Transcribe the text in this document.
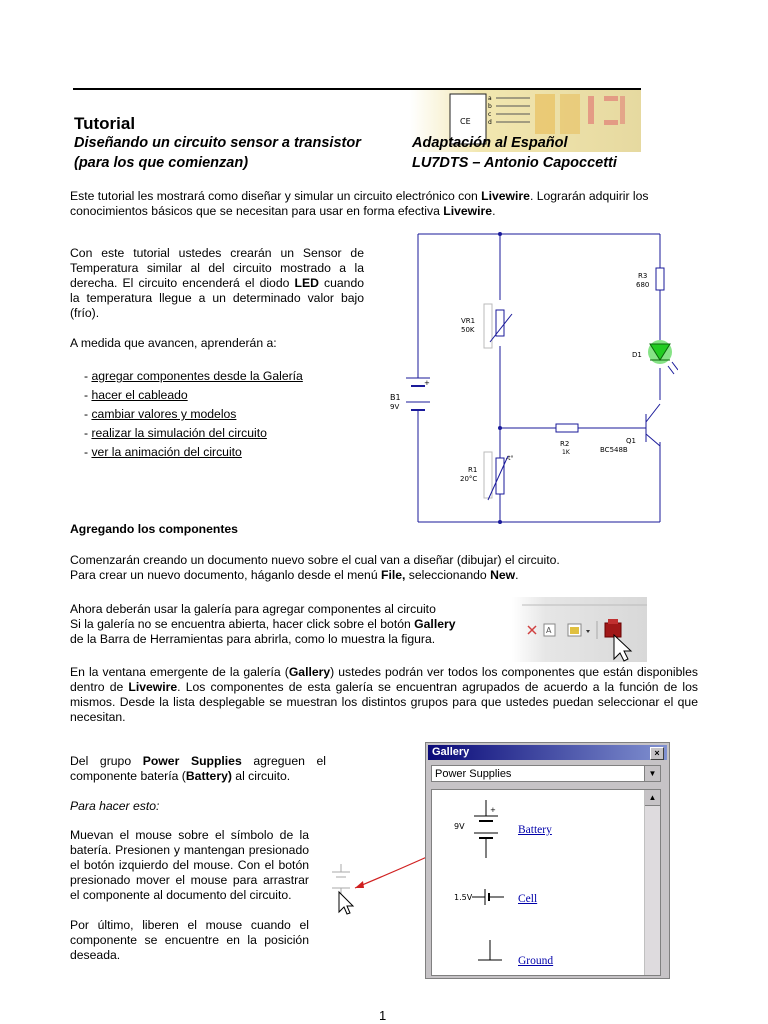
CE
a
b
c
d
Tutorial
Diseñando un circuito sensor a transistor
(para los que comienzan)
Adaptación al Español
LU7DTS – Antonio Capoccetti
Este tutorial les mostrará como diseñar y simular un circuito electrónico con Livewire. Lograrán adquirir los conocimientos básicos que se necesitan para usar en forma efectiva Livewire.
Con este tutorial ustedes crearán un Sensor de Temperatura similar al del circuito mostrado a la derecha. El circuito encenderá el diodo LED cuando la temperatura llegue a un determinado valor bajo (frío).
A medida que avancen, aprenderán a:
- agregar componentes desde la Galería
- hacer el cableado
- cambiar valores y modelos
- realizar la simulación del circuito
- ver la animación del circuito
+
B1
9V
VR1
50K
-t°
R1
20°C
R2
1K
R3
680
D1
Q1
BC548B
Agregando los componentes
Comenzarán creando un documento nuevo sobre el cual van a diseñar (dibujar) el circuito.
Para crear un nuevo documento, háganlo desde el menú File, seleccionando New.
Ahora deberán usar la galería para agregar componentes al circuito
Si la galería no se encuentra abierta, hacer click sobre el botón Gallery
de la Barra de Herramientas para abrirla, como lo muestra la figura.
A
En la ventana emergente de la galería (Gallery) ustedes podrán ver todos los componentes que están disponibles dentro de Livewire. Los componentes de esta galería se encuentran agrupados de acuerdo a la función de los mismos. Desde la lista desplegable se muestran los distintos grupos para que ustedes puedan seleccionar el que necesitan.
Del grupo Power Supplies agreguen el componente batería (Battery) al circuito.
Para hacer esto:
Muevan el mouse sobre el símbolo de la batería. Presionen y mantengan presionado el botón izquierdo del mouse. Con el botón presionado mover el mouse para arrastrar el componente al documento del circuito.
Por último, liberen el mouse cuando el componente se encuentre en la posición deseada.
Gallery	×
Power Supplies	▼
9V
+
Battery
1.5V	Cell
Ground
▲
1
